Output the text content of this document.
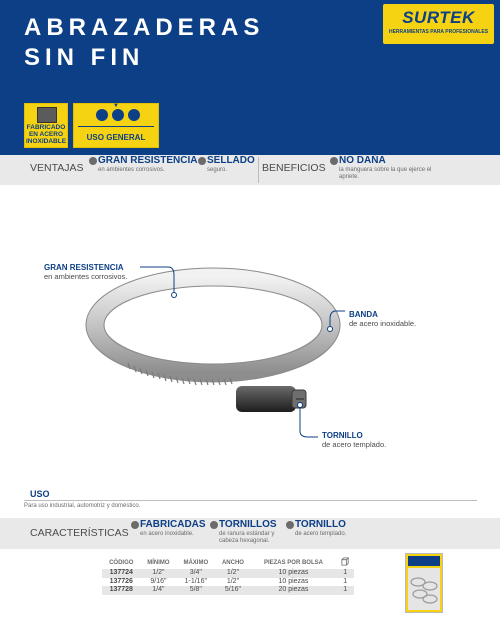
ABRAZADERAS
SIN FIN
SURTEK
HERRAMIENTAS PARA PROFESIONALES
FABRICADO EN ACERO INOXIDABLE
▼
USO GENERAL
VENTAJAS
GRAN RESISTENCIA
en ambientes corrosivos.
SELLADO
seguro.	BENEFICIOS
NO DAÑA
la manguera sobre la que ejerce el apriete.
GRAN RESISTENCIA
en ambientes corrosivos.
BANDA
de acero inoxidable.
TORNILLO
de acero templado.
USO
Para uso industrial, automotriz y doméstico.
CARACTERÍSTICAS
FABRICADAS
en acero inoxidable.
TORNILLOS
de ranura estándar y cabeza hexagonal.
TORNILLO
de acero templado.
CÓDIGO	MÍNIMO	MÁXIMO	ANCHO	PIEZAS POR BOLSA	
137724	1/2"	3/4"	1/2"	10 piezas	1
137726	9/16"	1-1/16"	1/2"	10 piezas	1
137728	1/4"	5/8"	5/16"	20 piezas	1
